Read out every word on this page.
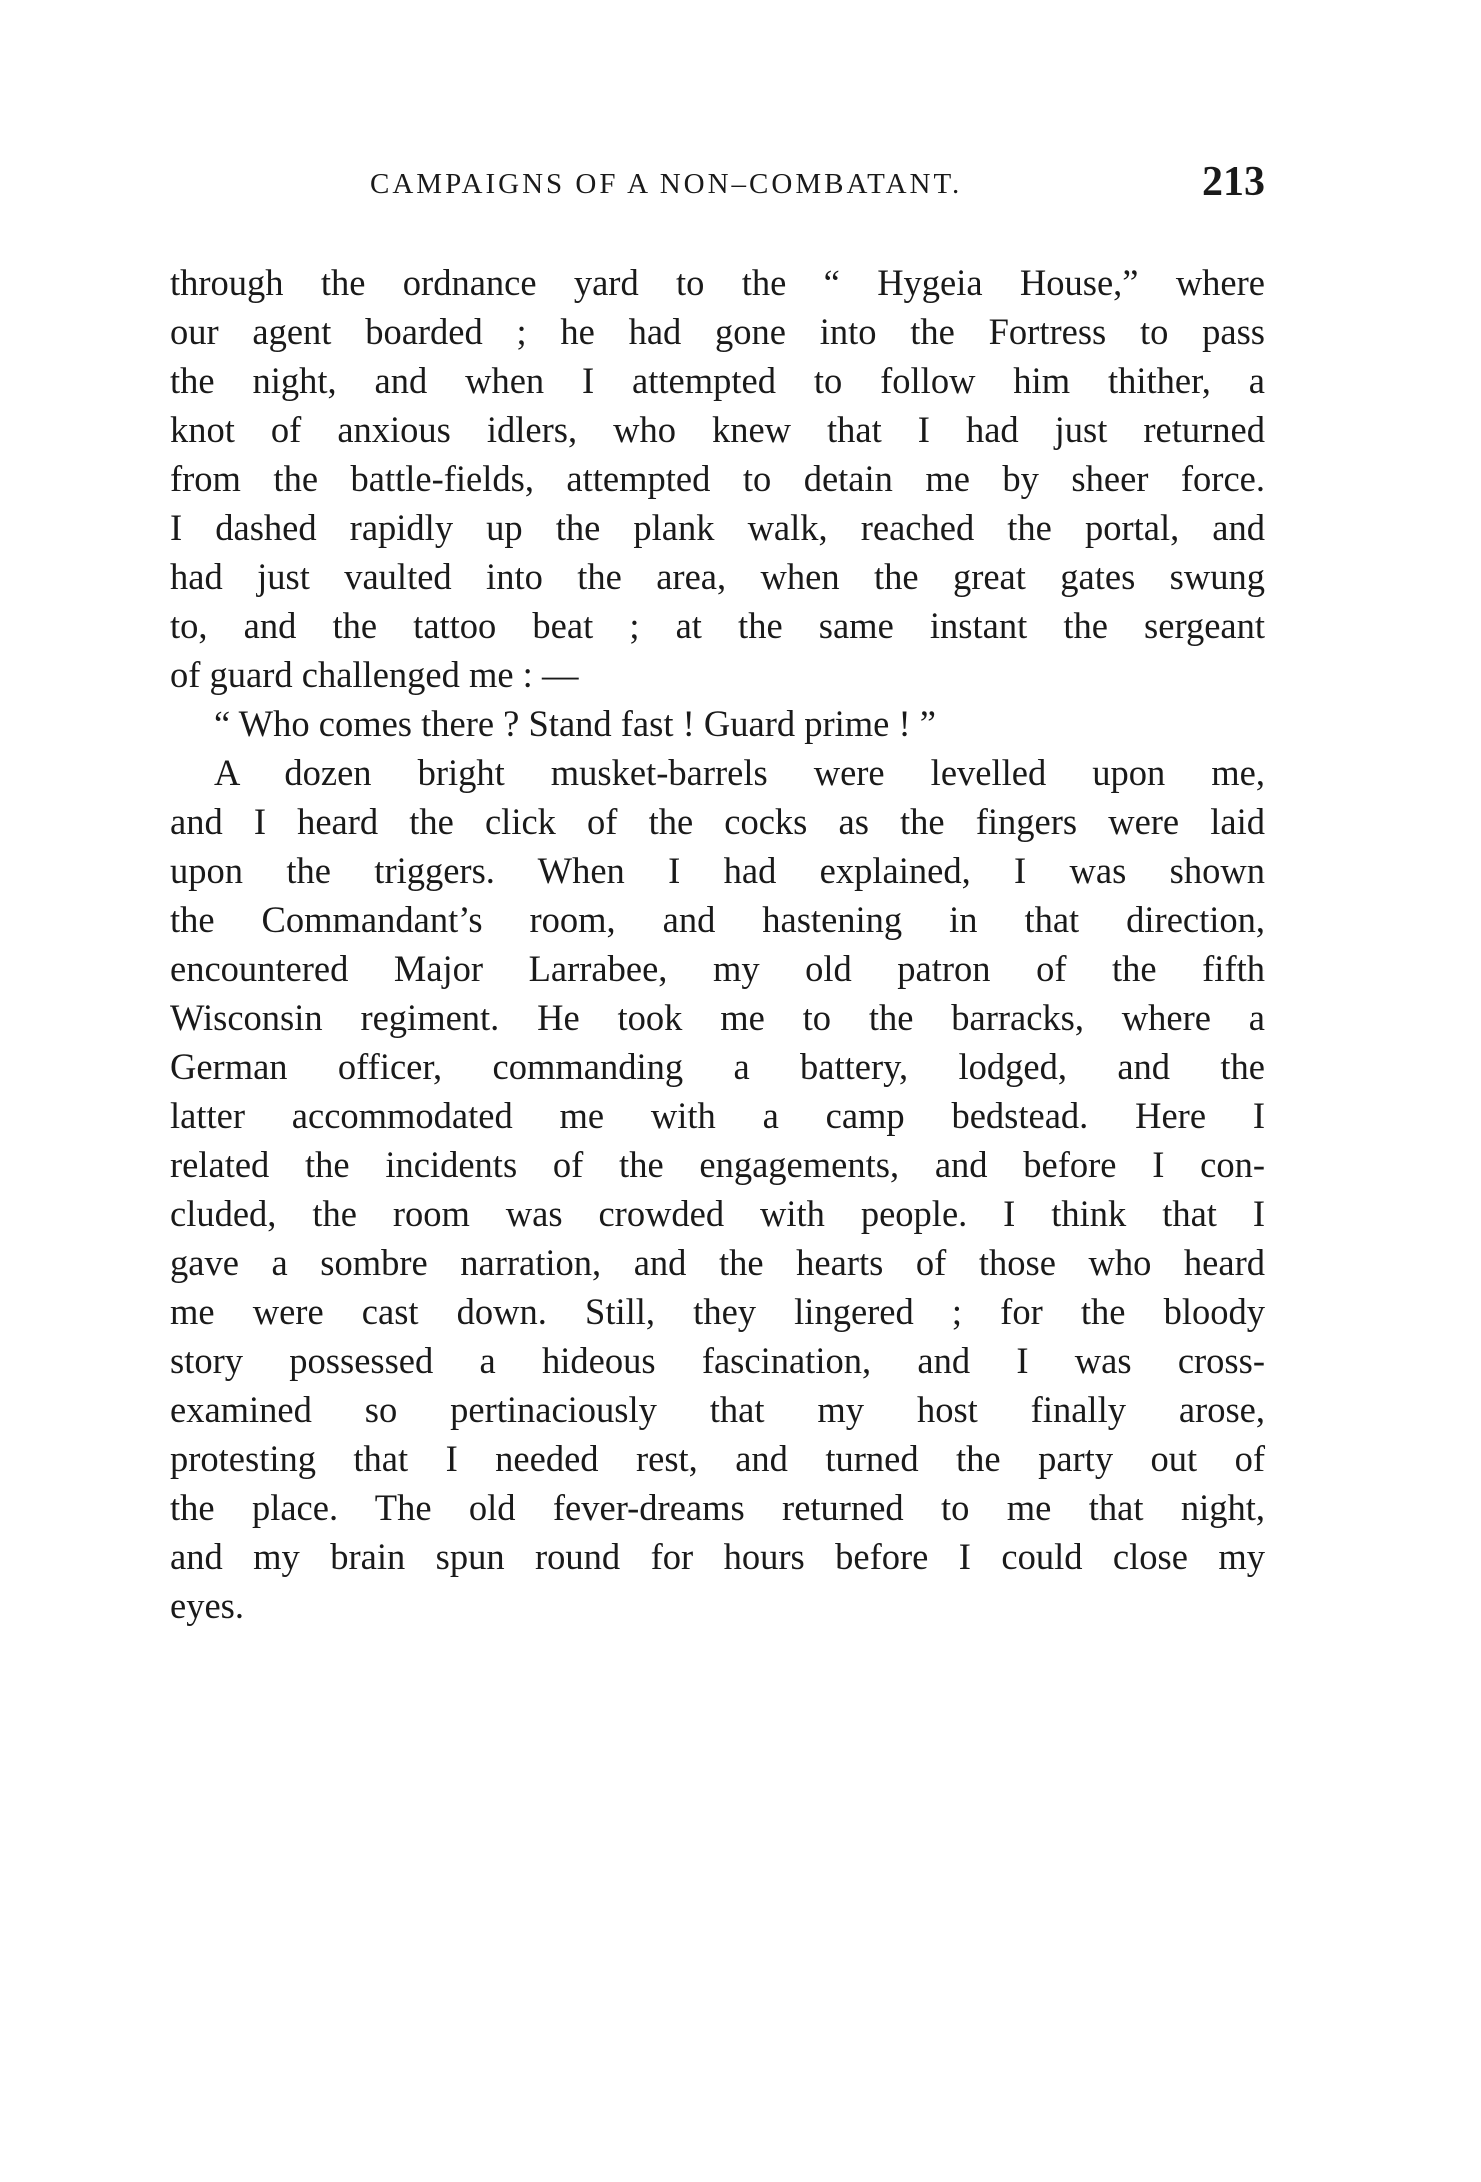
CAMPAIGNS OF A NON–COMBATANT.	213
through the ordnance yard to the “ Hygeia House,” where
our agent boarded ; he had gone into the Fortress to pass
the night, and when I attempted to follow him thither, a
knot of anxious idlers, who knew that I had just returned
from the battle-fields, attempted to detain me by sheer force.
I dashed rapidly up the plank walk, reached the portal, and
had just vaulted into the area, when the great gates swung
to, and the tattoo beat ; at the same instant the sergeant
of guard challenged me : —
“ Who comes there ? Stand fast ! Guard prime ! ”
A dozen bright musket-barrels were levelled upon me,
and I heard the click of the cocks as the fingers were laid
upon the triggers. When I had explained, I was shown
the Commandant’s room, and hastening in that direction,
encountered Major Larrabee, my old patron of the fifth
Wisconsin regiment. He took me to the barracks, where a
German officer, commanding a battery, lodged, and the
latter accommodated me with a camp bedstead. Here I
related the incidents of the engagements, and before I con-
cluded, the room was crowded with people. I think that I
gave a sombre narration, and the hearts of those who heard
me were cast down. Still, they lingered ; for the bloody
story possessed a hideous fascination, and I was cross-
examined so pertinaciously that my host finally arose,
protesting that I needed rest, and turned the party out of
the place. The old fever-dreams returned to me that night,
and my brain spun round for hours before I could close my
eyes.
